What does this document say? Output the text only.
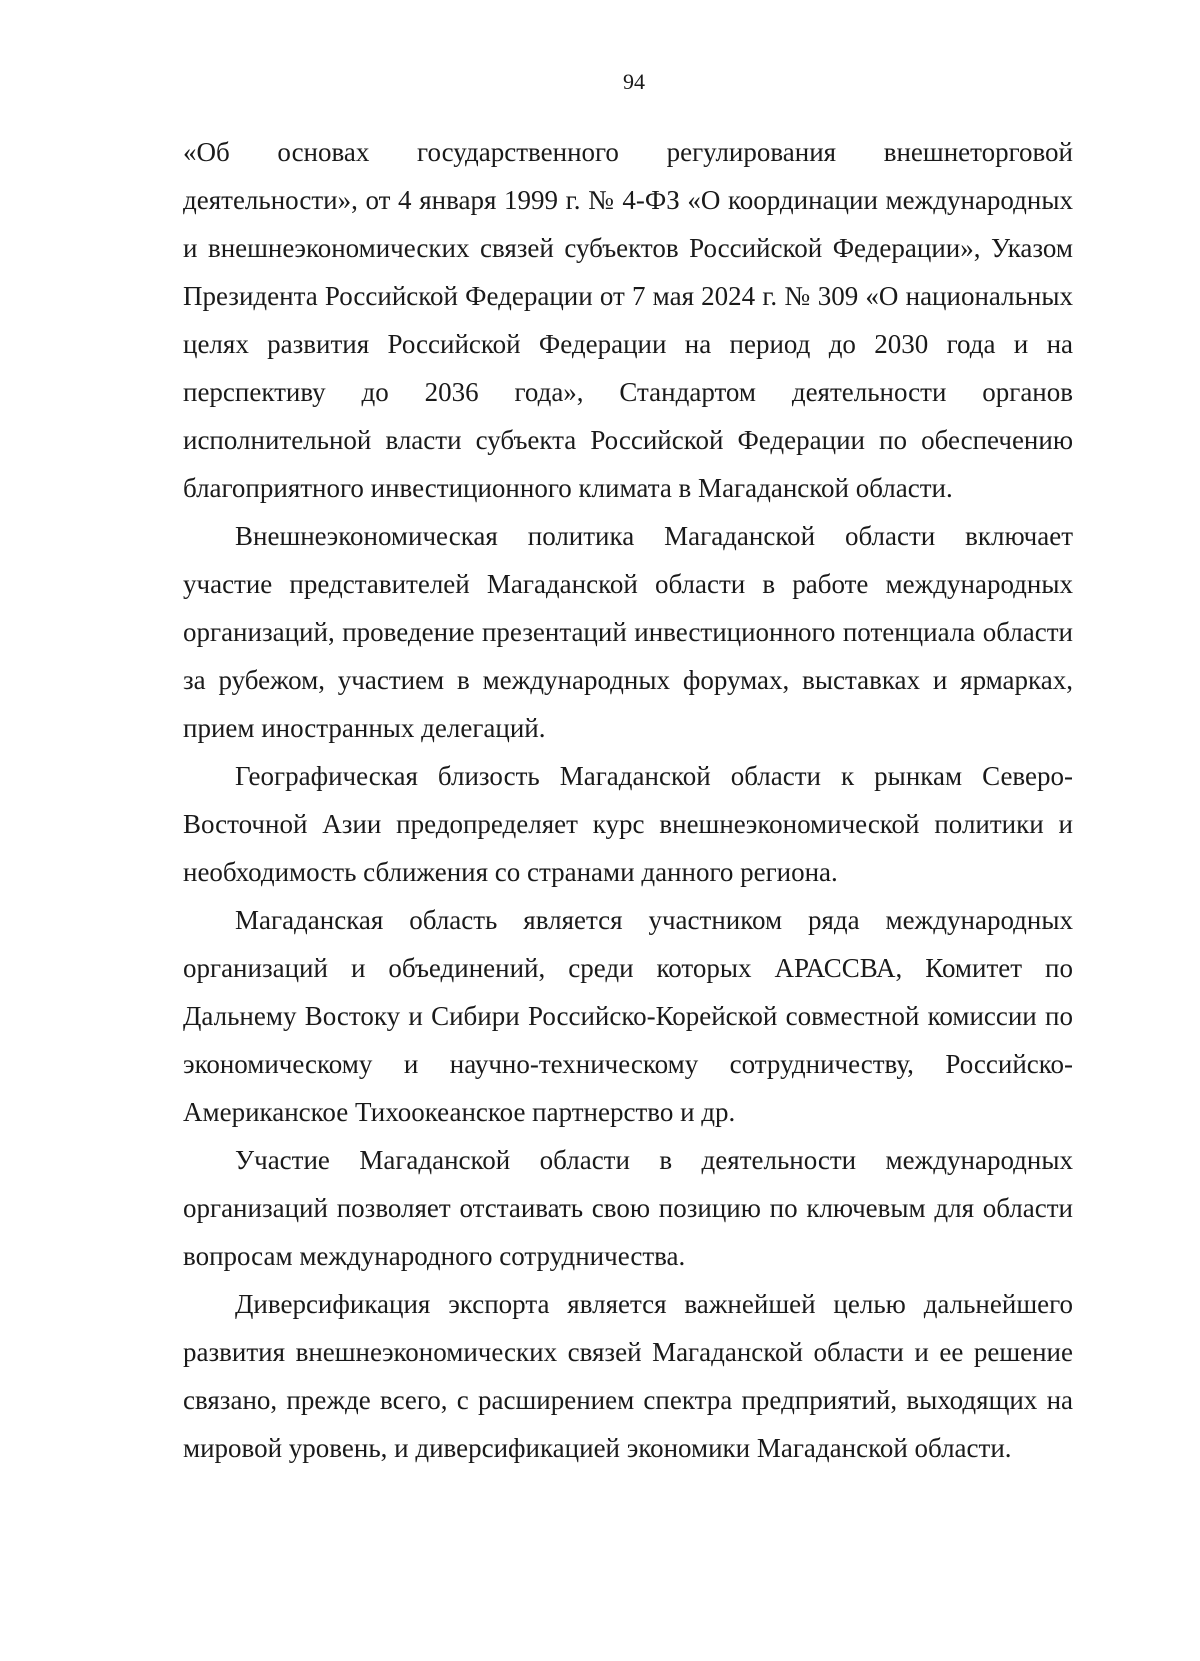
94

«Об основах государственного регулирования внешнеторговой деятельности», от 4 января 1999 г. № 4-ФЗ «О координации международных и внешнеэкономических связей субъектов Российской Федерации», Указом Президента Российской Федерации от 7 мая 2024 г. № 309 «О национальных целях развития Российской Федерации на период до 2030 года и на перспективу до 2036 года», Стандартом деятельности органов исполнительной власти субъекта Российской Федерации по обеспечению благоприятного инвестиционного климата в Магаданской области.

Внешнеэкономическая политика Магаданской области включает участие представителей Магаданской области в работе международных организаций, проведение презентаций инвестиционного потенциала области за рубежом, участием в международных форумах, выставках и ярмарках, прием иностранных делегаций.

Географическая близость Магаданской области к рынкам Северо-Восточной Азии предопределяет курс внешнеэкономической политики и необходимость сближения со странами данного региона.

Магаданская область является участником ряда международных организаций и объединений, среди которых АРАССВА, Комитет по Дальнему Востоку и Сибири Российско-Корейской совместной комиссии по экономическому и научно-техническому сотрудничеству, Российско-Американское Тихоокеанское партнерство и др.

Участие Магаданской области в деятельности международных организаций позволяет отстаивать свою позицию по ключевым для области вопросам международного сотрудничества.

Диверсификация экспорта является важнейшей целью дальнейшего развития внешнеэкономических связей Магаданской области и ее решение связано, прежде всего, с расширением спектра предприятий, выходящих на мировой уровень, и диверсификацией экономики Магаданской области.
